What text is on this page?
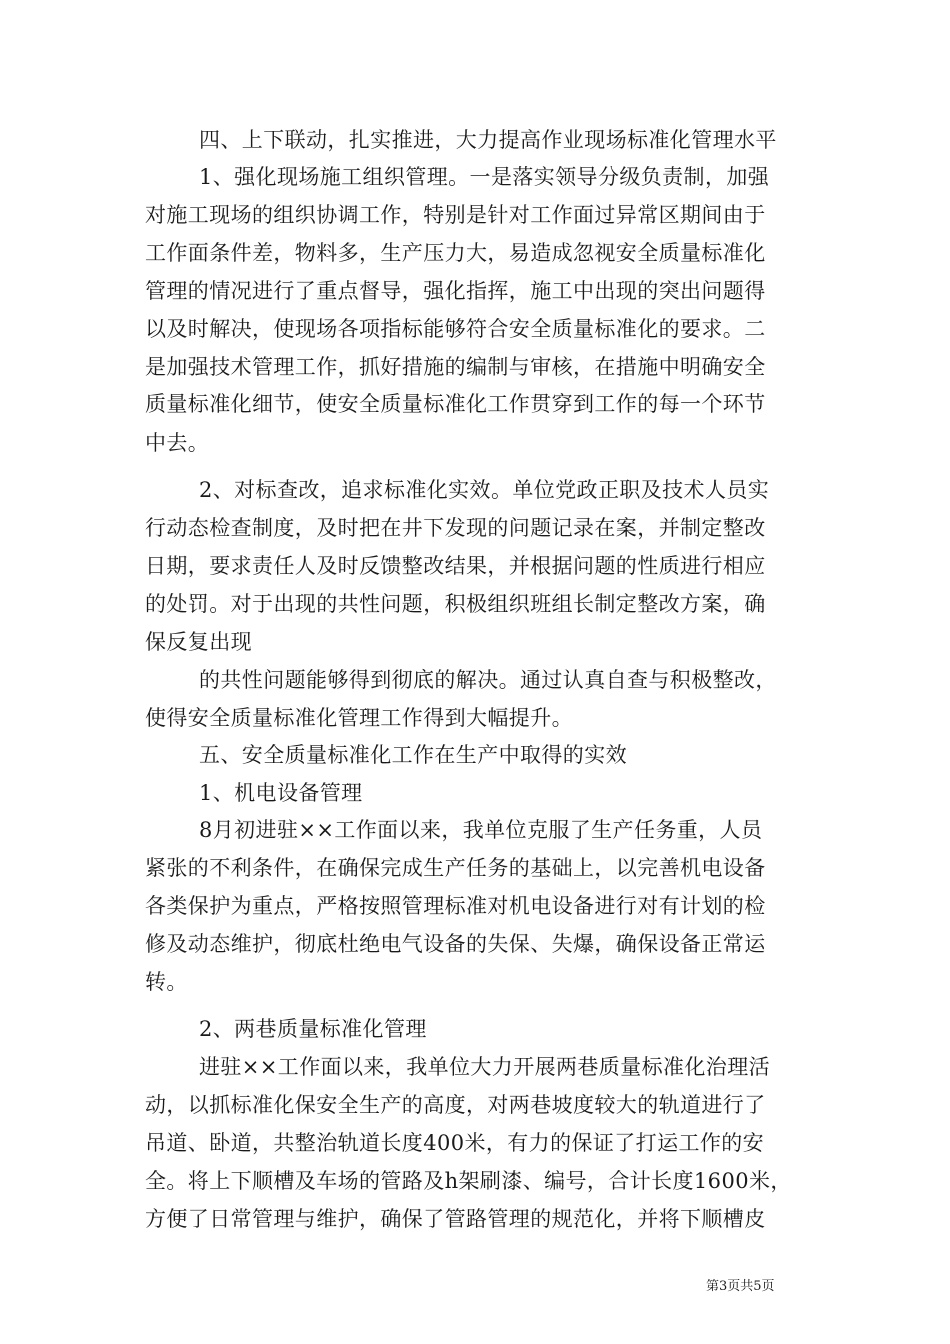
四、上下联动，扎实推进，大力提高作业现场标准化管理水平
1、强化现场施工组织管理。一是落实领导分级负责制，加强
对施工现场的组织协调工作，特别是针对工作面过异常区期间由于
工作面条件差，物料多，生产压力大，易造成忽视安全质量标准化
管理的情况进行了重点督导，强化指挥，施工中出现的突出问题得
以及时解决，使现场各项指标能够符合安全质量标准化的要求。二
是加强技术管理工作，抓好措施的编制与审核，在措施中明确安全
质量标准化细节，使安全质量标准化工作贯穿到工作的每一个环节
中去。
2、对标查改，追求标准化实效。单位党政正职及技术人员实
行动态检查制度，及时把在井下发现的问题记录在案，并制定整改
日期，要求责任人及时反馈整改结果，并根据问题的性质进行相应
的处罚。对于出现的共性问题，积极组织班组长制定整改方案，确
保反复出现
的共性问题能够得到彻底的解决。通过认真自查与积极整改，
使得安全质量标准化管理工作得到大幅提升。
五、安全质量标准化工作在生产中取得的实效
1、机电设备管理
8月初进驻××工作面以来，我单位克服了生产任务重，人员
紧张的不利条件，在确保完成生产任务的基础上，以完善机电设备
各类保护为重点，严格按照管理标准对机电设备进行对有计划的检
修及动态维护，彻底杜绝电气设备的失保、失爆，确保设备正常运
转。
2、两巷质量标准化管理
进驻××工作面以来，我单位大力开展两巷质量标准化治理活
动，以抓标准化保安全生产的高度，对两巷坡度较大的轨道进行了
吊道、卧道，共整治轨道长度400米，有力的保证了打运工作的安
全。将上下顺槽及车场的管路及h架刷漆、编号，合计长度1600米，
方便了日常管理与维护，确保了管路管理的规范化，并将下顺槽皮
第3页共5页
